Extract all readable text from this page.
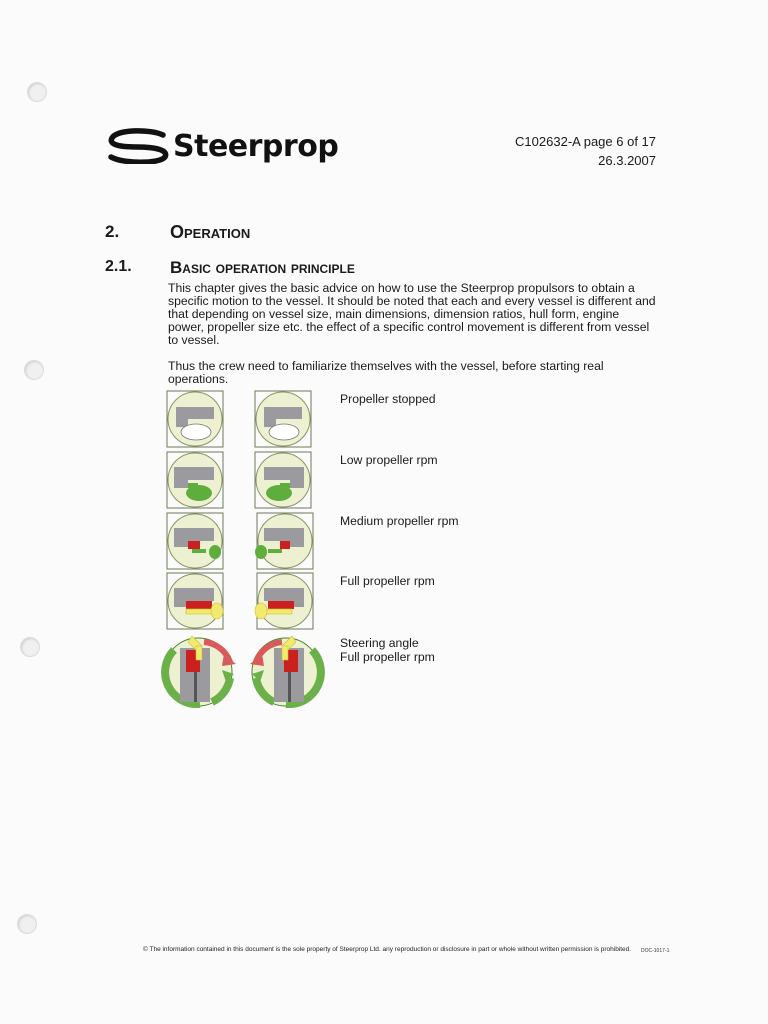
Steerprop	C102632-A page 6 of 17
26.3.2007
2.	Operation
2.1. Basic operation principle

This chapter gives the basic advice on how to use the Steerprop propulsors to obtain a specific motion to the vessel. It should be noted that each and every vessel is different and that depending on vessel size, main dimensions, dimension ratios, hull form, engine power, propeller size etc. the effect of a specific control movement is different from vessel to vessel.

Thus the crew need to familiarize themselves with the vessel, before starting real operations.

Propeller stopped
Low propeller rpm
Medium propeller rpm
Full propeller rpm
Steering angle
Full propeller rpm
© The information contained in this document is the sole property of Steerprop Ltd. any reproduction or disclosure in part or whole without written permission is prohibited. DOC-1017-1
